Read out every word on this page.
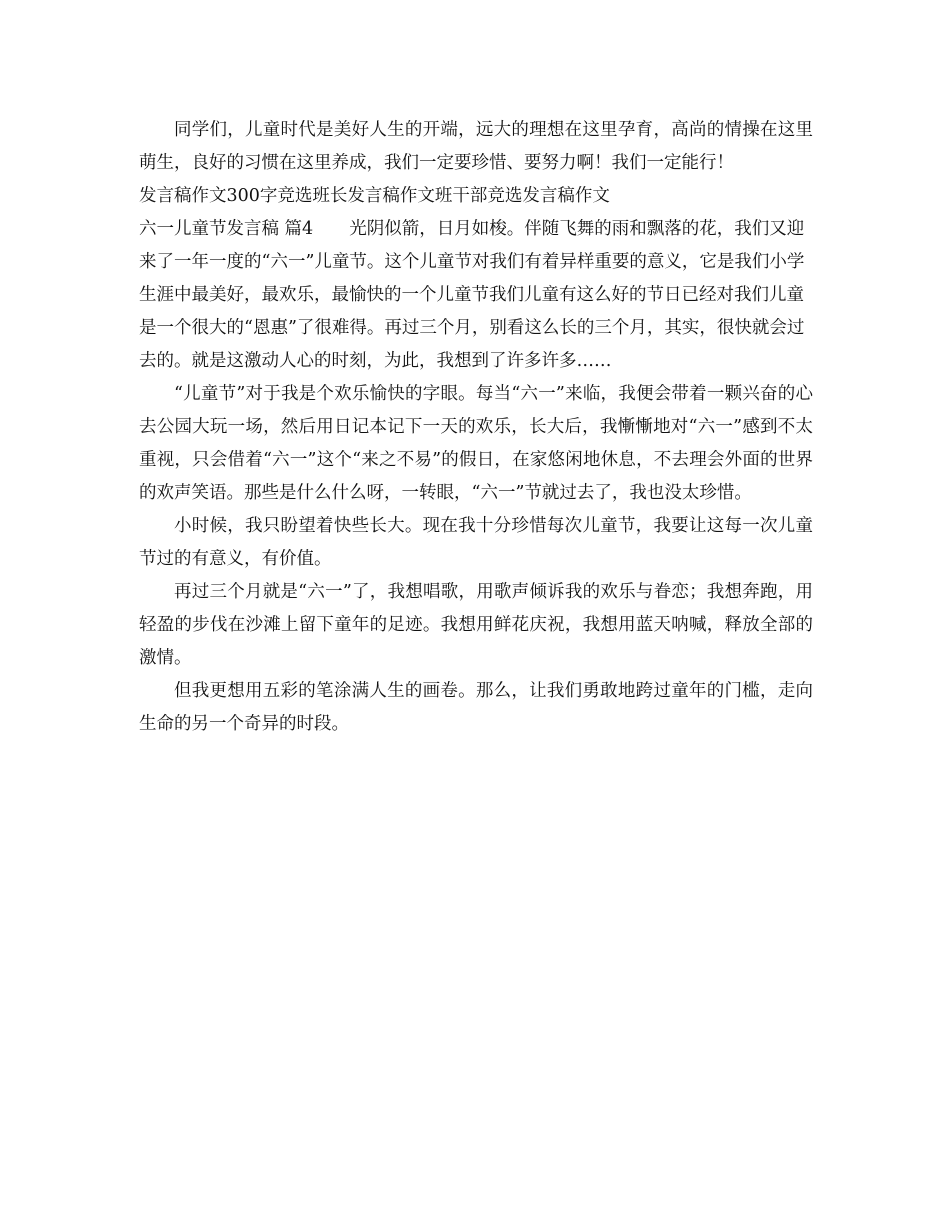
同学们，儿童时代是美好人生的开端，远大的理想在这里孕育，高尚的情操在这里萌生，良好的习惯在这里养成，我们一定要珍惜、要努力啊！我们一定能行！

发言稿作文300字竞选班长发言稿作文班干部竞选发言稿作文

六一儿童节发言稿 篇4 光阴似箭，日月如梭。伴随飞舞的雨和飘落的花，我们又迎来了一年一度的“六一”儿童节。这个儿童节对我们有着异样重要的意义，它是我们小学生涯中最美好，最欢乐，最愉快的一个儿童节我们儿童有这么好的节日已经对我们儿童是一个很大的“恩惠”了很难得。再过三个月，别看这么长的三个月，其实，很快就会过去的。就是这激动人心的时刻，为此，我想到了许多许多……

“儿童节”对于我是个欢乐愉快的字眼。每当“六一”来临，我便会带着一颗兴奋的心去公园大玩一场，然后用日记本记下一天的欢乐，长大后，我慚慚地对“六一”感到不太重视，只会借着“六一”这个“来之不易”的假日，在家悠闲地休息，不去理会外面的世界的欢声笑语。那些是什么什么呀，一转眼，“六一”节就过去了，我也没太珍惜。

小时候，我只盼望着快些长大。现在我十分珍惜每次儿童节，我要让这每一次儿童节过的有意义，有价值。

再过三个月就是“六一”了，我想唱歌，用歌声倾诉我的欢乐与眷恋；我想奔跑，用轻盈的步伐在沙滩上留下童年的足迹。我想用鲜花庆祝，我想用蓝天呐喊，释放全部的激情。

但我更想用五彩的笔涂满人生的画卷。那么，让我们勇敢地跨过童年的门槛，走向生命的另一个奇异的时段。
